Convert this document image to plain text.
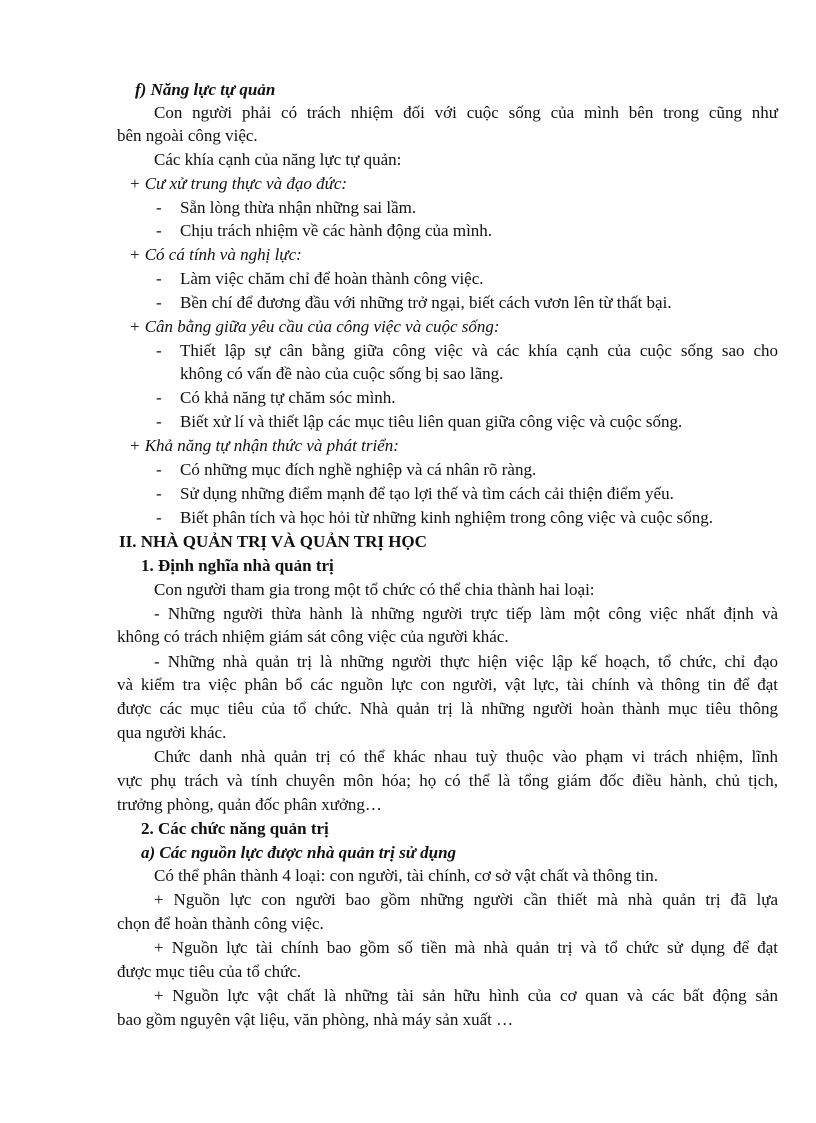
f) Năng lực tự quản
Con người phải có trách nhiệm đối với cuộc sống của mình bên trong cũng như
bên ngoài công việc.
Các khía cạnh của năng lực tự quản:
+ Cư xử trung thực và đạo đức:
- Sẵn lòng thừa nhận những sai lầm.
- Chịu trách nhiệm về các hành động của mình.
+ Có cá tính và nghị lực:
- Làm việc chăm chỉ để hoàn thành công việc.
- Bền chí để đương đầu với những trở ngại, biết cách vươn lên từ thất bại.
+ Cân bằng giữa yêu cầu của công việc và cuộc sống:
- Thiết lập sự cân bằng giữa công việc và các khía cạnh của cuộc sống sao cho
không có vấn đề nào của cuộc sống bị sao lãng.
- Có khả năng tự chăm sóc mình.
- Biết xử lí và thiết lập các mục tiêu liên quan giữa công việc và cuộc sống.
+ Khả năng tự nhận thức và phát triển:
- Có những mục đích nghề nghiệp và cá nhân rõ ràng.
- Sử dụng những điểm mạnh để tạo lợi thế và tìm cách cải thiện điểm yếu.
- Biết phân tích và học hỏi từ những kinh nghiệm trong công việc và cuộc sống.
II. NHÀ QUẢN TRỊ VÀ QUẢN TRỊ HỌC
1. Định nghĩa nhà quản trị
Con người tham gia trong một tổ chức có thể chia thành hai loại:
- Những người thừa hành là những người trực tiếp làm một công việc nhất định và
không có trách nhiệm giám sát công việc của người khác.
- Những nhà quản trị là những người thực hiện việc lập kế hoạch, tổ chức, chỉ đạo
và kiểm tra việc phân bổ các nguồn lực con người, vật lực, tài chính và thông tin để đạt
được các mục tiêu của tổ chức. Nhà quản trị là những người hoàn thành mục tiêu thông
qua người khác.
Chức danh nhà quản trị có thể khác nhau tuỳ thuộc vào phạm vi trách nhiệm, lĩnh
vực phụ trách và tính chuyên môn hóa; họ có thể là tổng giám đốc điều hành, chủ tịch,
trưởng phòng, quản đốc phân xưởng…
2. Các chức năng quản trị
a) Các nguồn lực được nhà quản trị sử dụng
Có thể phân thành 4 loại: con người, tài chính, cơ sở vật chất và thông tin.
+ Nguồn lực con người bao gồm những người cần thiết mà nhà quản trị đã lựa
chọn để hoàn thành công việc.
+ Nguồn lực tài chính bao gồm số tiền mà nhà quản trị và tổ chức sử dụng để đạt
được mục tiêu của tổ chức.
+ Nguồn lực vật chất là những tài sản hữu hình của cơ quan và các bất động sản
bao gồm nguyên vật liệu, văn phòng, nhà máy sản xuất …
